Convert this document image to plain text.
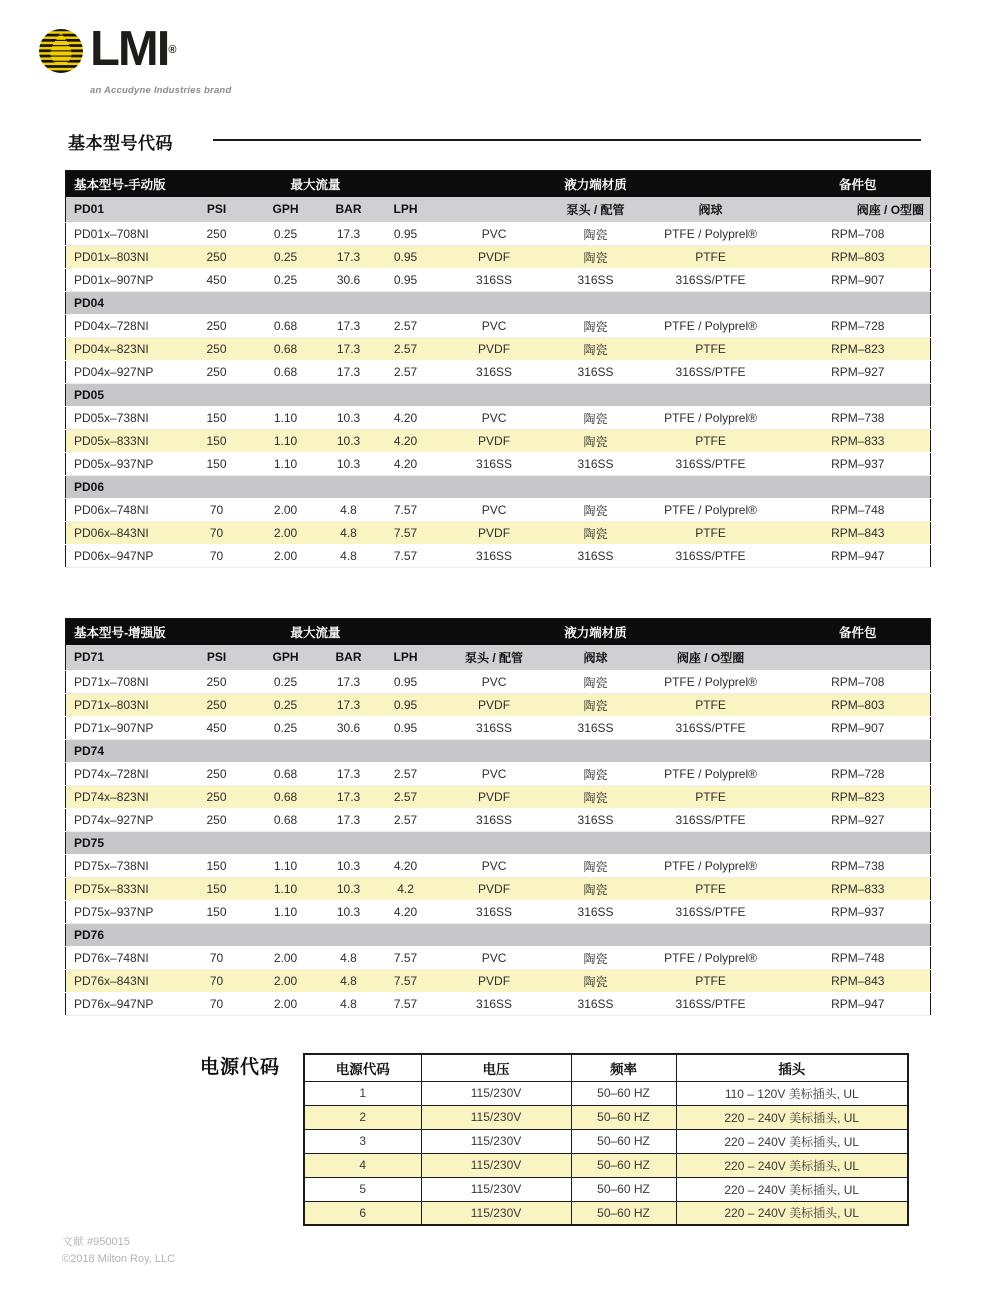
LMI®
an Accudyne Industries brand
基本型号代码
基本型号-手动版		最大流量				液力端材质		备件包
PD01	PSI	GPH	BAR	LPH		泵头 / 配管	阀球	阀座 / O型圈
PD01x–708NI	250	0.25	17.3	0.95	PVC	陶瓷	PTFE / Polyprel®	RPM–708
PD01x–803NI	250	0.25	17.3	0.95	PVDF	陶瓷	PTFE	RPM–803
PD01x–907NP	450	0.25	30.6	0.95	316SS	316SS	316SS/PTFE	RPM–907
PD04								
PD04x–728NI	250	0.68	17.3	2.57	PVC	陶瓷	PTFE / Polyprel®	RPM–728
PD04x–823NI	250	0.68	17.3	2.57	PVDF	陶瓷	PTFE	RPM–823
PD04x–927NP	250	0.68	17.3	2.57	316SS	316SS	316SS/PTFE	RPM–927
PD05								
PD05x–738NI	150	1.10	10.3	4.20	PVC	陶瓷	PTFE / Polyprel®	RPM–738
PD05x–833NI	150	1.10	10.3	4.20	PVDF	陶瓷	PTFE	RPM–833
PD05x–937NP	150	1.10	10.3	4.20	316SS	316SS	316SS/PTFE	RPM–937
PD06								
PD06x–748NI	70	2.00	4.8	7.57	PVC	陶瓷	PTFE / Polyprel®	RPM–748
PD06x–843NI	70	2.00	4.8	7.57	PVDF	陶瓷	PTFE	RPM–843
PD06x–947NP	70	2.00	4.8	7.57	316SS	316SS	316SS/PTFE	RPM–947
基本型号-增强版		最大流量				液力端材质		备件包
PD71	PSI	GPH	BAR	LPH	泵头 / 配管	阀球	阀座 / O型圈	
PD71x–708NI	250	0.25	17.3	0.95	PVC	陶瓷	PTFE / Polyprel®	RPM–708
PD71x–803NI	250	0.25	17.3	0.95	PVDF	陶瓷	PTFE	RPM–803
PD71x–907NP	450	0.25	30.6	0.95	316SS	316SS	316SS/PTFE	RPM–907
PD74								
PD74x–728NI	250	0.68	17.3	2.57	PVC	陶瓷	PTFE / Polyprel®	RPM–728
PD74x–823NI	250	0.68	17.3	2.57	PVDF	陶瓷	PTFE	RPM–823
PD74x–927NP	250	0.68	17.3	2.57	316SS	316SS	316SS/PTFE	RPM–927
PD75								
PD75x–738NI	150	1.10	10.3	4.20	PVC	陶瓷	PTFE / Polyprel®	RPM–738
PD75x–833NI	150	1.10	10.3	4.2	PVDF	陶瓷	PTFE	RPM–833
PD75x–937NP	150	1.10	10.3	4.20	316SS	316SS	316SS/PTFE	RPM–937
PD76								
PD76x–748NI	70	2.00	4.8	7.57	PVC	陶瓷	PTFE / Polyprel®	RPM–748
PD76x–843NI	70	2.00	4.8	7.57	PVDF	陶瓷	PTFE	RPM–843
PD76x–947NP	70	2.00	4.8	7.57	316SS	316SS	316SS/PTFE	RPM–947
电源代码	电源代码	电压	频率	插头
1	115/230V	50–60 HZ	110 – 120V 美标插头, UL
2	115/230V	50–60 HZ	220 – 240V 美标插头, UL
3	115/230V	50–60 HZ	220 – 240V 美标插头, UL
4	115/230V	50–60 HZ	220 – 240V 美标插头, UL
5	115/230V	50–60 HZ	220 – 240V 美标插头, UL
6	115/230V	50–60 HZ	220 – 240V 美标插头, UL
文献 #950015
©2018 Milton Roy, LLC
